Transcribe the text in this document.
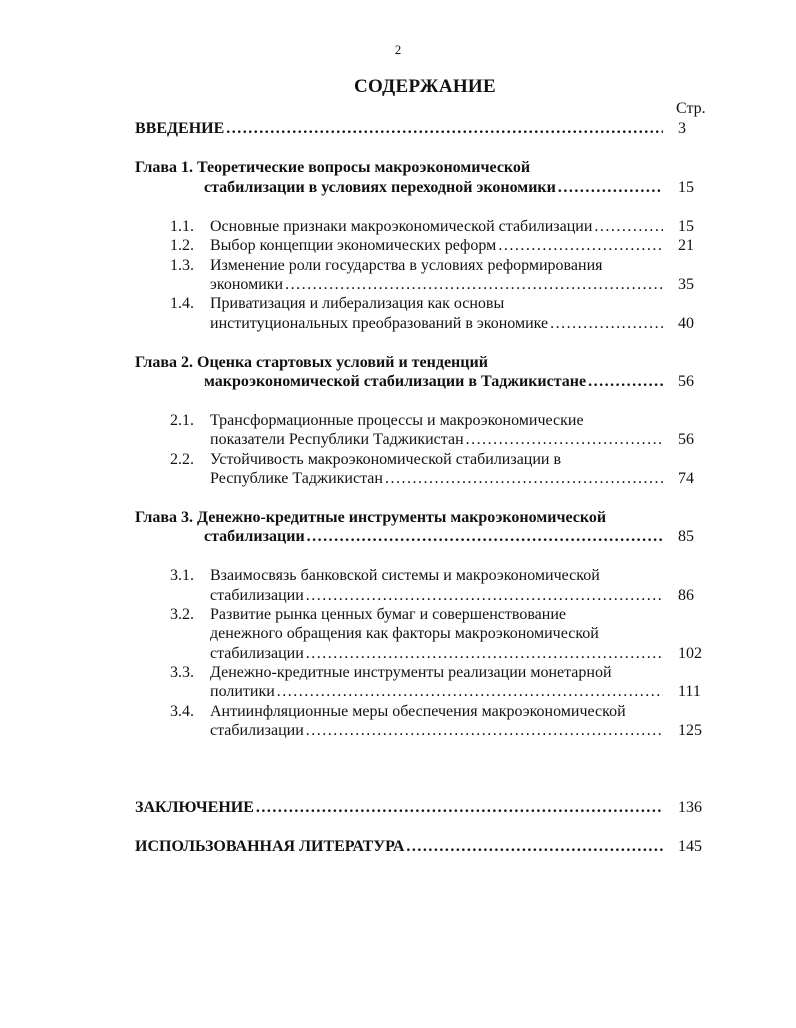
2
СОДЕРЖАНИЕ
Стр.
ВВЕДЕНИЕ .....	3
Глава 1. Теоретические вопросы макроэкономической
стабилизации в условиях переходной экономики .....	15
1.1. Основные признаки макроэкономической стабилизации .....	15
1.2. Выбор концепции экономических реформ .....	21
1.3. Изменение роли государства в условиях реформирования
экономики .....	35
1.4. Приватизация и либерализация как основы
институциональных преобразований в экономике .....	40
Глава 2. Оценка стартовых условий и тенденций
макроэкономической стабилизации в Таджикистане .....	56
2.1. Трансформационные процессы и макроэкономические
показатели Республики Таджикистан .....	56
2.2. Устойчивость макроэкономической стабилизации в
Республике Таджикистан .....	74
Глава 3. Денежно-кредитные инструменты макроэкономической
стабилизации .....	85
3.1. Взаимосвязь банковской системы и макроэкономической
стабилизации .....	86
3.2. Развитие рынка ценных бумаг и совершенствование
денежного обращения как факторы макроэкономической
стабилизации .....	102
3.3. Денежно-кредитные инструменты реализации монетарной
политики .....	111
3.4. Антиинфляционные меры обеспечения макроэкономической
стабилизации .....	125
ЗАКЛЮЧЕНИЕ .....	136
ИСПОЛЬЗОВАННАЯ ЛИТЕРАТУРА .....	145
